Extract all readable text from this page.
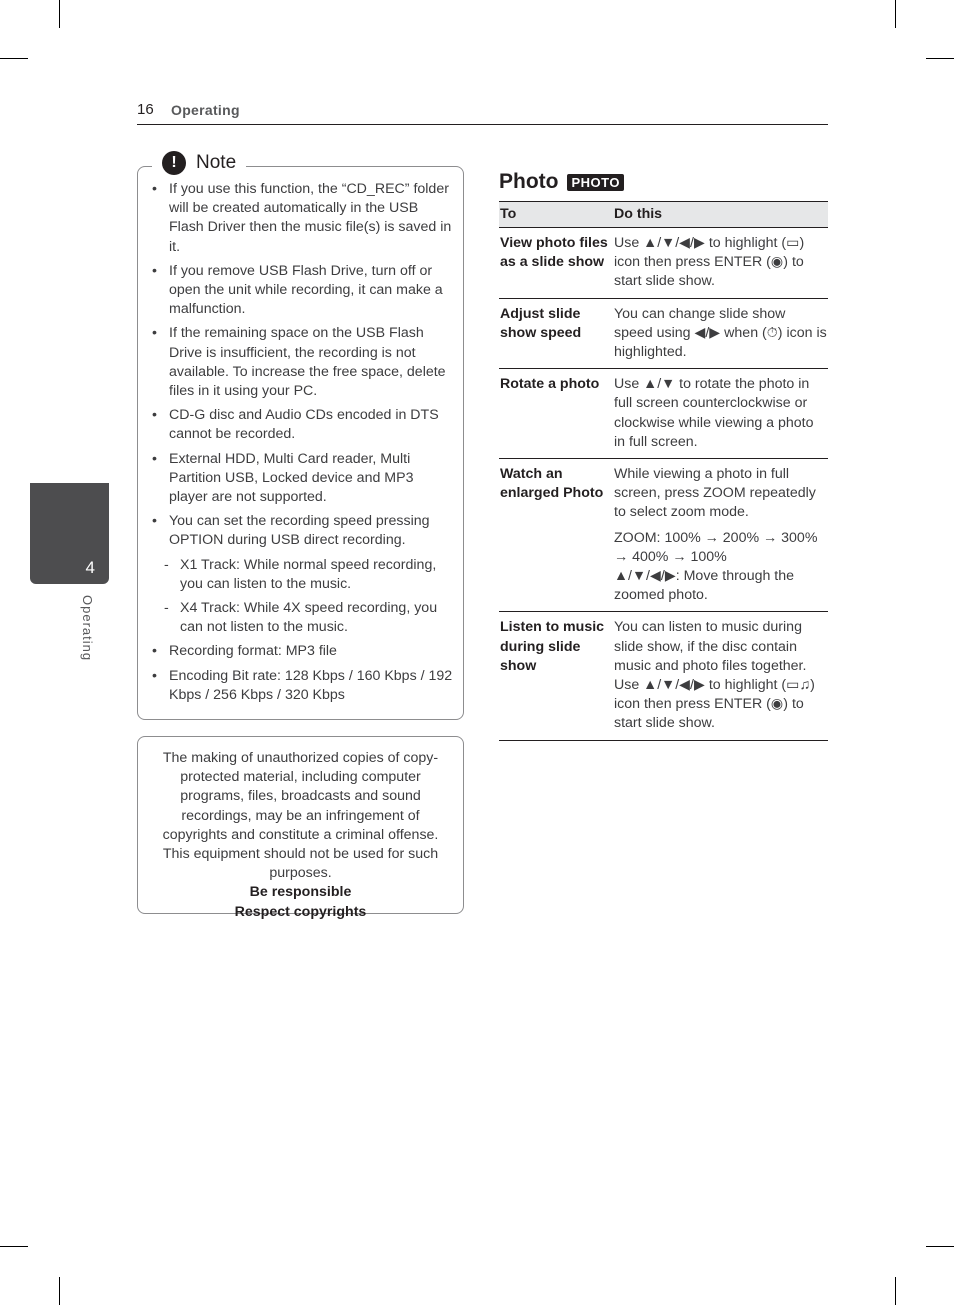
16 Operating
4
Operating
!	Note
• If you use this function, the “CD_REC” folder will be created automatically in the USB Flash Driver then the music file(s) is saved in it.
• If you remove USB Flash Drive, turn off or open the unit while recording, it can make a malfunction.
• If the remaining space on the USB Flash Drive is insufficient, the recording is not available. To increase the free space, delete files in it using your PC.
• CD-G disc and Audio CDs encoded in DTS cannot be recorded.
• External HDD, Multi Card reader, Multi Partition USB, Locked device and MP3 player are not supported.
• You can set the recording speed pressing OPTION during USB direct recording.
- X1 Track: While normal speed recording, you can listen to the music.
- X4 Track: While 4X speed recording, you can not listen to the music.
• Recording format: MP3 file
• Encoding Bit rate: 128 Kbps / 160 Kbps / 192 Kbps / 256 Kbps / 320 Kbps
The making of unauthorized copies of copy-protected material, including computer programs, files, broadcasts and sound recordings, may be an infringement of copyrights and constitute a criminal offense. This equipment should not be used for such purposes.
Be responsible
Respect copyrights
Photo	PHOTO
To	Do this
View photo files as a slide show	Use ▲/▼/◀/▶ to highlight (▭) icon then press ENTER (◉) to start slide show.
Adjust slide show speed	You can change slide show speed using ◀/▶ when (⏱) icon is highlighted.
Rotate a photo	Use ▲/▼ to rotate the photo in full screen counterclockwise or clockwise while viewing a photo in full screen.
Watch an enlarged Photo	While viewing a photo in full screen, press ZOOM repeatedly to select zoom mode.
ZOOM: 100% → 200% → 300% → 400% → 100%
▲/▼/◀/▶: Move through the zoomed photo.

Listen to music during slide show	You can listen to music during slide show, if the disc contain music and photo files together. Use ▲/▼/◀/▶ to highlight (▭♫) icon then press ENTER (◉) to start slide show.
